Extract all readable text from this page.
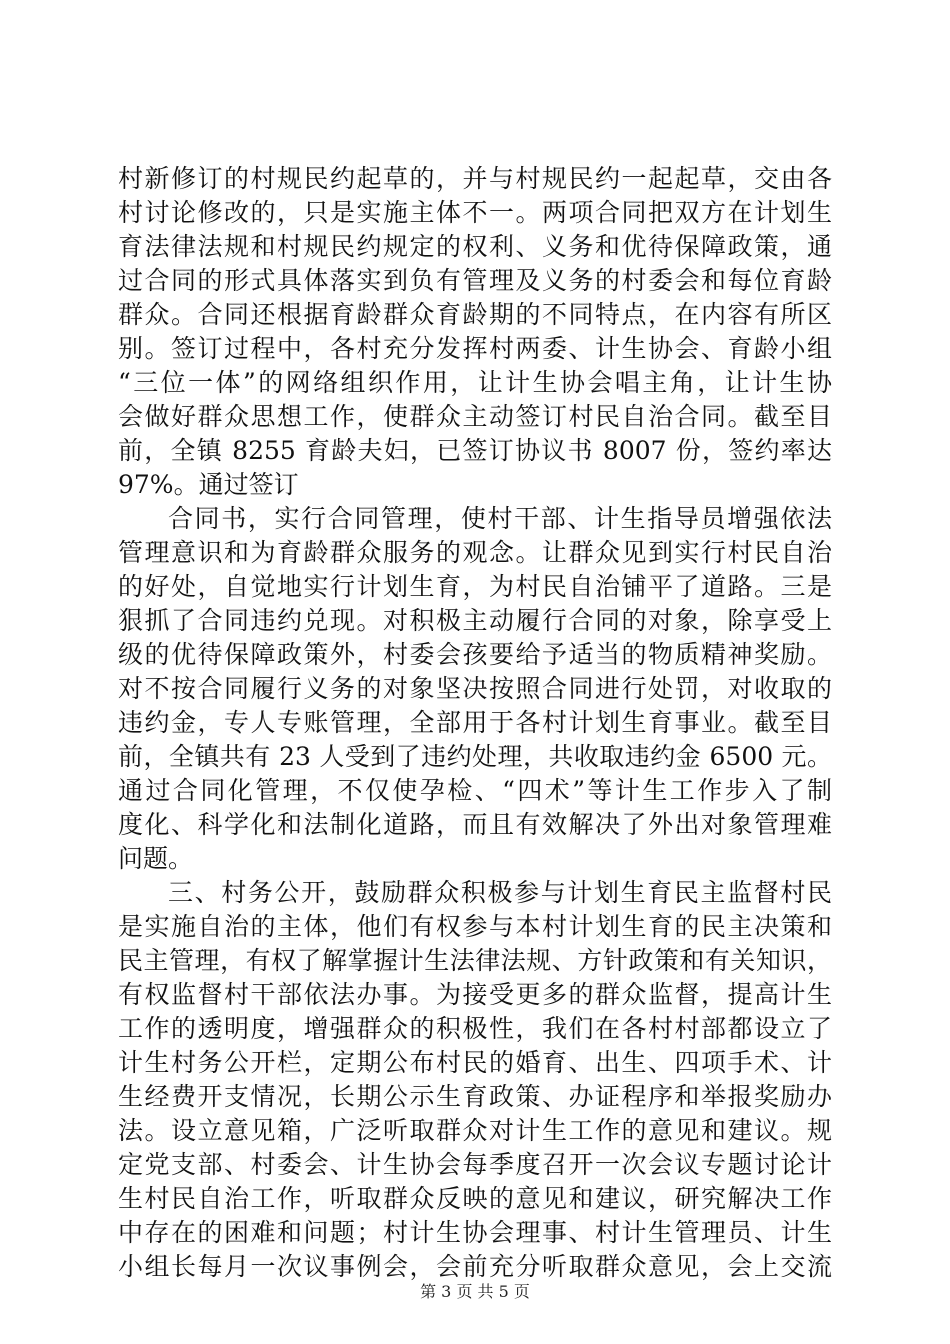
村新修订的村规民约起草的，并与村规民约一起起草，交由各
村讨论修改的，只是实施主体不一。两项合同把双方在计划生
育法律法规和村规民约规定的权利、义务和优待保障政策，通
过合同的形式具体落实到负有管理及义务的村委会和每位育龄
群众。合同还根据育龄群众育龄期的不同特点，在内容有所区
别。签订过程中，各村充分发挥村两委、计生协会、育龄小组
“三位一体”的网络组织作用，让计生协会唱主角，让计生协
会做好群众思想工作，使群众主动签订村民自治合同。截至目
前，全镇 8255 育龄夫妇，已签订协议书 8007 份，签约率达
97%。通过签订
合同书，实行合同管理，使村干部、计生指导员增强依法
管理意识和为育龄群众服务的观念。让群众见到实行村民自治
的好处，自觉地实行计划生育，为村民自治铺平了道路。三是
狠抓了合同违约兑现。对积极主动履行合同的对象，除享受上
级的优待保障政策外，村委会孩要给予适当的物质精神奖励。
对不按合同履行义务的对象坚决按照合同进行处罚，对收取的
违约金，专人专账管理，全部用于各村计划生育事业。截至目
前，全镇共有 23 人受到了违约处理，共收取违约金 6500 元。
通过合同化管理，不仅使孕检、“四术”等计生工作步入了制
度化、科学化和法制化道路，而且有效解决了外出对象管理难
问题。
三、村务公开，鼓励群众积极参与计划生育民主监督村民
是实施自治的主体，他们有权参与本村计划生育的民主决策和
民主管理，有权了解掌握计生法律法规、方针政策和有关知识，
有权监督村干部依法办事。为接受更多的群众监督，提高计生
工作的透明度，增强群众的积极性，我们在各村村部都设立了
计生村务公开栏，定期公布村民的婚育、出生、四项手术、计
生经费开支情况，长期公示生育政策、办证程序和举报奖励办
法。设立意见箱，广泛听取群众对计生工作的意见和建议。规
定党支部、村委会、计生协会每季度召开一次会议专题讨论计
生村民自治工作，听取群众反映的意见和建议，研究解决工作
中存在的困难和问题；村计生协会理事、村计生管理员、计生
小组长每月一次议事例会，会前充分听取群众意见，会上交流
第 3 页 共 5 页
